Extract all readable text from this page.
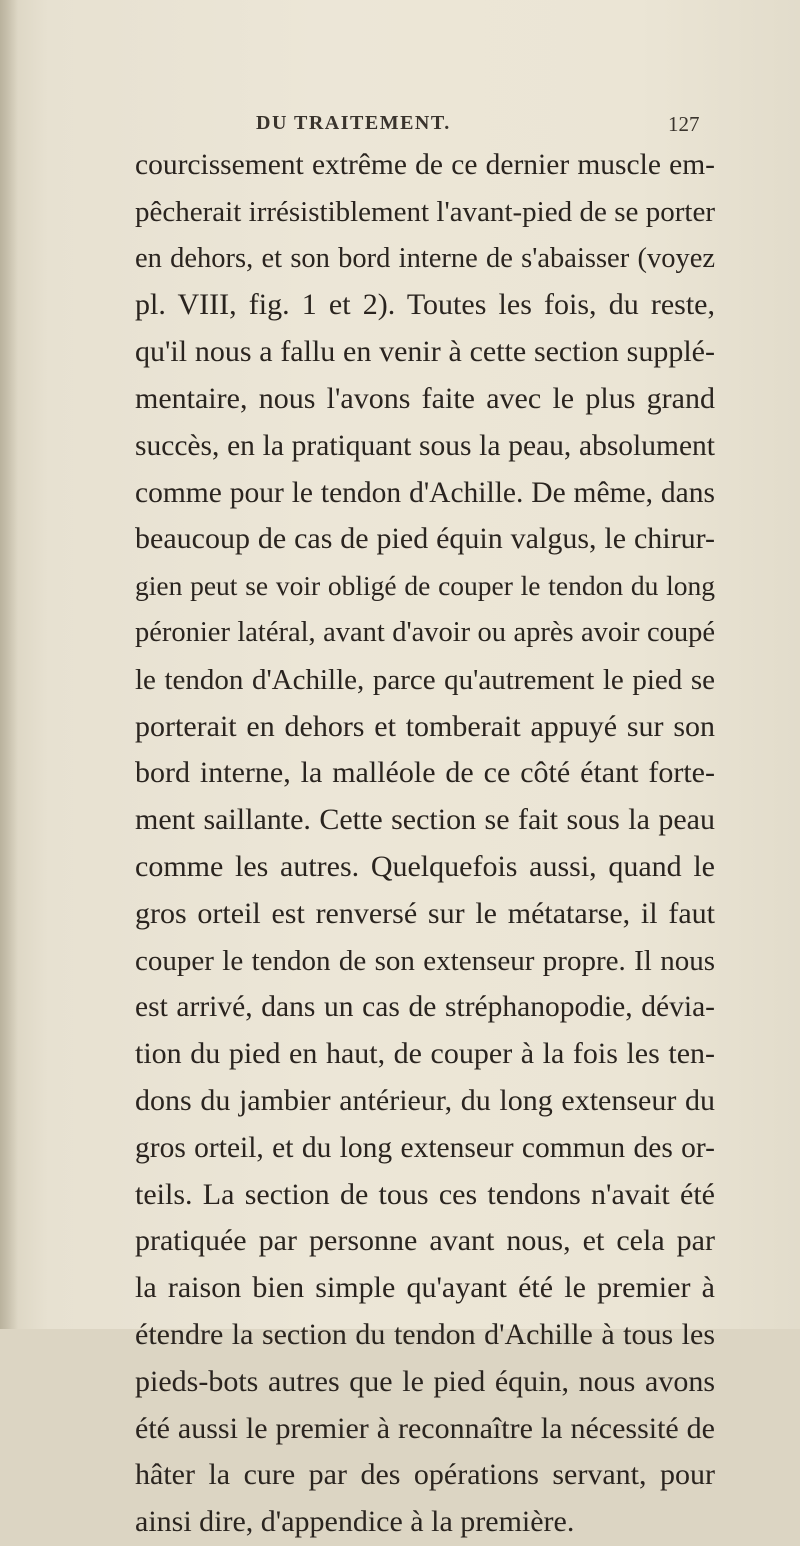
DU TRAITEMENT.	127
courcissement extrême de ce dernier muscle em-
pêcherait irrésistiblement l'avant-pied de se porter
en dehors, et son bord interne de s'abaisser (voyez
pl. VIII, fig. 1 et 2). Toutes les fois, du reste,
qu'il nous a fallu en venir à cette section supplé-
mentaire, nous l'avons faite avec le plus grand
succès, en la pratiquant sous la peau, absolument
comme pour le tendon d'Achille. De même, dans
beaucoup de cas de pied équin valgus, le chirur-
gien peut se voir obligé de couper le tendon du long
péronier latéral, avant d'avoir ou après avoir coupé
le tendon d'Achille, parce qu'autrement le pied se
porterait en dehors et tomberait appuyé sur son
bord interne, la malléole de ce côté étant forte-
ment saillante. Cette section se fait sous la peau
comme les autres. Quelquefois aussi, quand le
gros orteil est renversé sur le métatarse, il faut
couper le tendon de son extenseur propre. Il nous
est arrivé, dans un cas de stréphanopodie, dévia-
tion du pied en haut, de couper à la fois les ten-
dons du jambier antérieur, du long extenseur du
gros orteil, et du long extenseur commun des or-
teils. La section de tous ces tendons n'avait été
pratiquée par personne avant nous, et cela par
la raison bien simple qu'ayant été le premier à
étendre la section du tendon d'Achille à tous les
pieds-bots autres que le pied équin, nous avons
été aussi le premier à reconnaître la nécessité de
hâter la cure par des opérations servant, pour
ainsi dire, d'appendice à la première.
